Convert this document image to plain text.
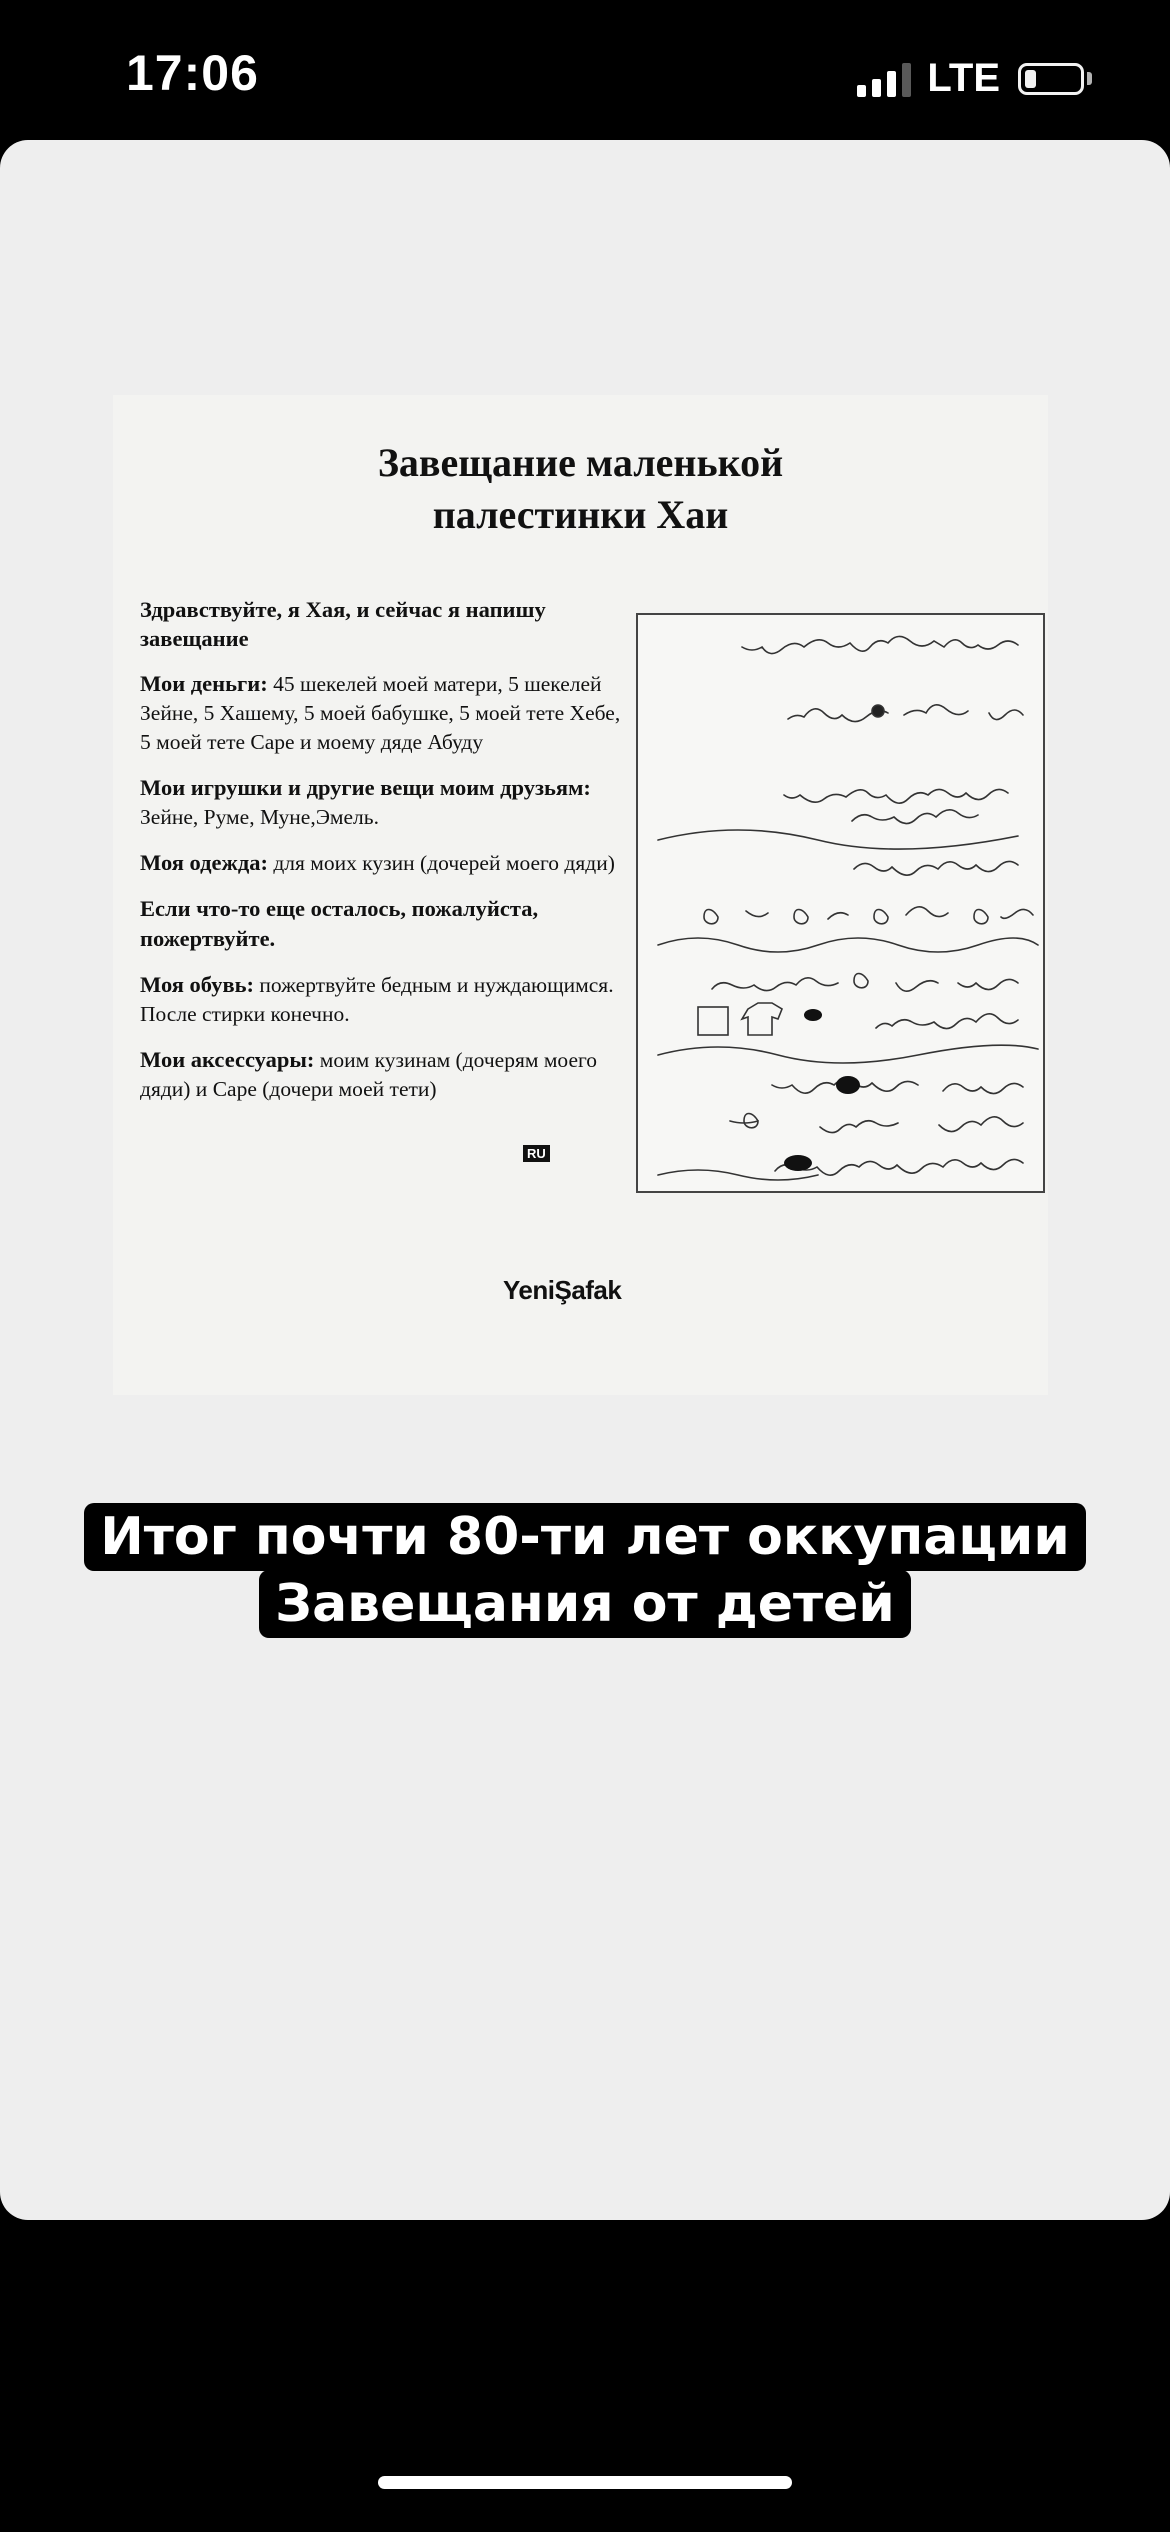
17:06	LTE
Завещание маленькой
палестинки Хаи
Здравствуйте, я Хая, и сейчас я напишу завещание
Мои деньги: 45 шекелей моей матери, 5 шекелей Зейне, 5 Хашему, 5 моей бабушке, 5 моей тете Хебе, 5 моей тете Саре и моему дяде Абуду
Мои игрушки и другие вещи моим друзьям: Зейне, Руме, Муне,Эмель.
Моя одежда: для моих кузин (дочерей моего дяди)
Если что-то еще осталось, пожалуйста, пожертвуйте.
Моя обувь: пожертвуйте бедным и нуждающимся. После стирки конечно.
Мои аксессуары: моим кузинам (дочерям моего дяди) и Саре (дочери моей тети)
YeniŞafak
RU
Итог почти 80-ти лет оккупации
Завещания от детей
